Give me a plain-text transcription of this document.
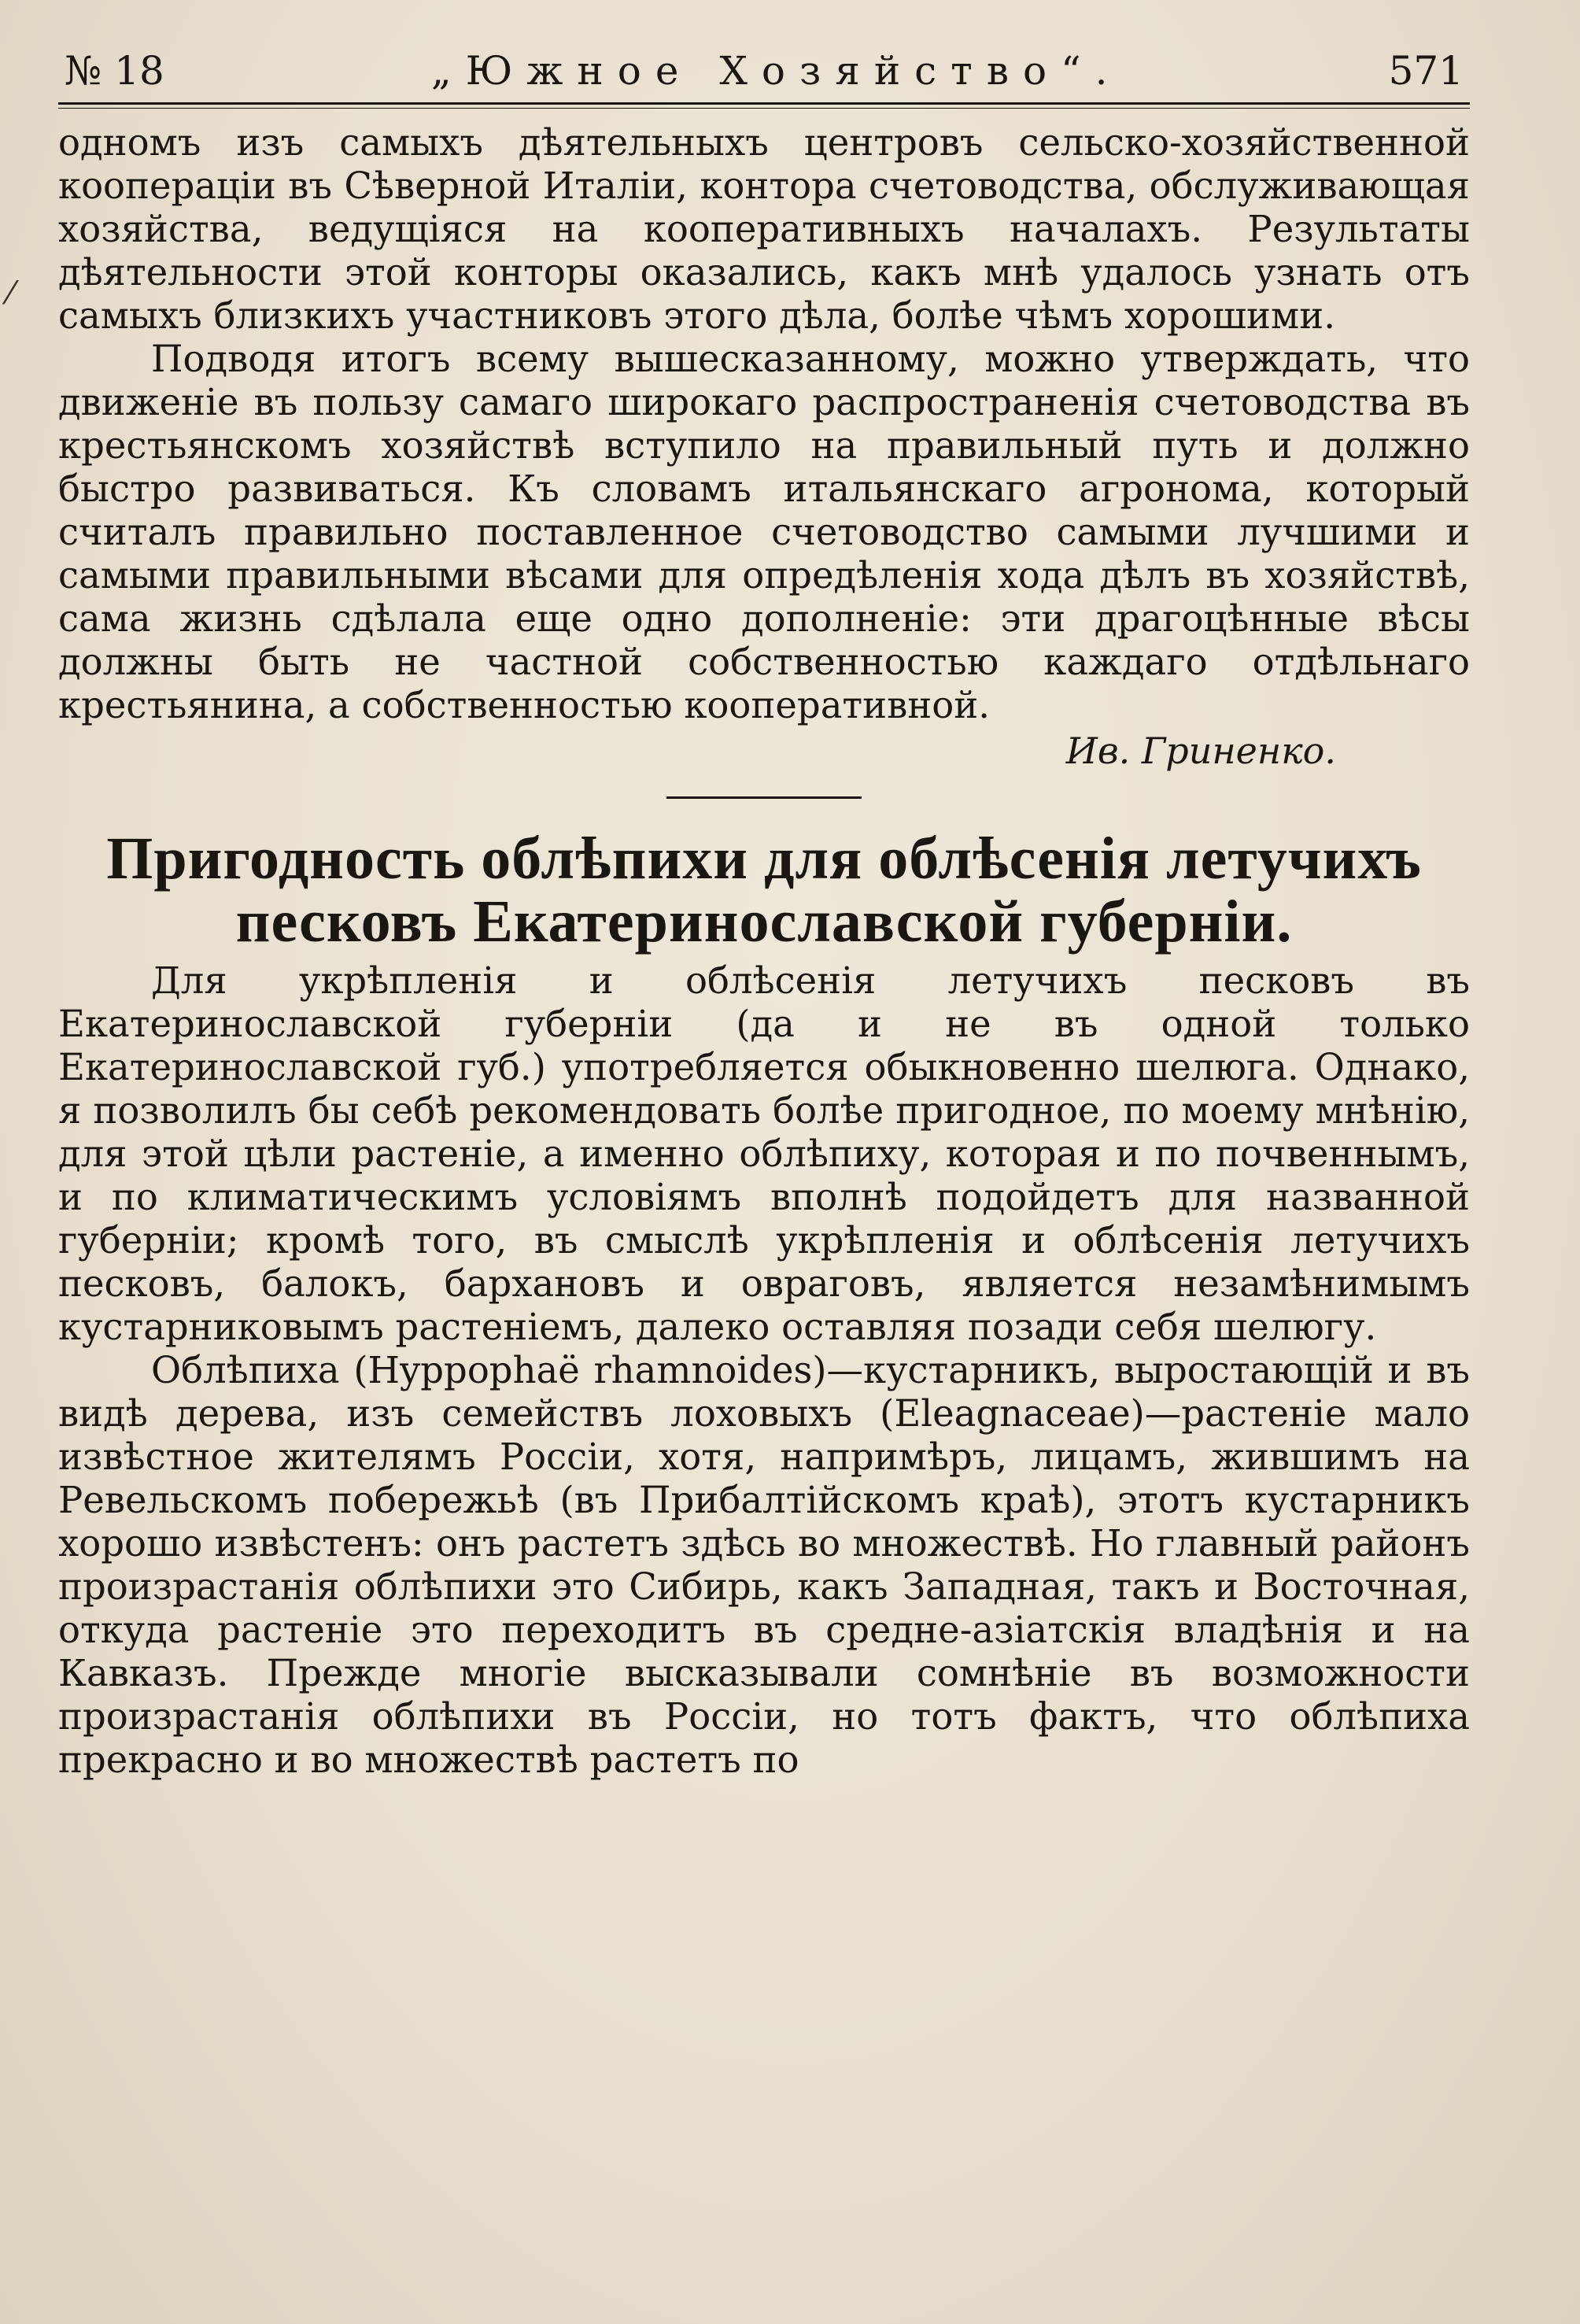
⁄
№ 18	„Южное Хозяйство“.	571

одномъ изъ самыхъ дѣятельныхъ центровъ сельско-хозяйственной кооперацiи въ Сѣверной Италiи, контора счетоводства, обслуживающая хозяйства, ведущiяся на кооперативныхъ началахъ. Результаты дѣятельности этой конторы оказались, какъ мнѣ удалось узнать отъ самыхъ близкихъ участниковъ этого дѣла, болѣе чѣмъ хорошими.

Подводя итогъ всему вышесказанному, можно утверждать, что движенiе въ пользу самаго широкаго распространенiя счетоводства въ крестьянскомъ хозяйствѣ вступило на правильный путь и должно быстро развиваться. Къ словамъ итальянскаго агронома, который считалъ правильно поставленное счетоводство самыми лучшими и самыми правильными вѣсами для опредѣленiя хода дѣлъ въ хозяйствѣ, сама жизнь сдѣлала еще одно дополненiе: эти драгоцѣнные вѣсы должны быть не частной собственностью каждаго отдѣльнаго крестьянина, а собственностью кооперативной.

Ив. Гриненко.
Пригодность облѣпихи для облѣсенiя летучихъ
песковъ Екатеринославской губернiи.

Для укрѣпленiя и облѣсенiя летучихъ песковъ въ Екатеринославской губернiи (да и не въ одной только Екатеринославской губ.) употребляется обыкновенно шелюга. Однако, я позволилъ бы себѣ рекомендовать болѣе пригодное, по моему мнѣнiю, для этой цѣли растенiе, а именно облѣпиху, которая и по почвеннымъ, и по климатическимъ условiямъ вполнѣ подойдетъ для названной губернiи; кромѣ того, въ смыслѣ укрѣпленiя и облѣсенiя летучихъ песковъ, балокъ, бархановъ и овраговъ, является незамѣнимымъ кустарниковымъ растенiемъ, далеко оставляя позади себя шелюгу.

Облѣпиха (Hypрорhaё rhamnoides)—кустарникъ, выростающiй и въ видѣ дерева, изъ семействъ лоховыхъ (Eleagnaceae)—растенiе мало извѣстное жителямъ Россiи, хотя, напримѣръ, лицамъ, жившимъ на Ревельскомъ побережьѣ (въ Прибалтiйскомъ краѣ), этотъ кустарникъ хорошо извѣстенъ: онъ растетъ здѣсь во множествѣ. Но главный районъ произрастанiя облѣпихи это Сибирь, какъ Западная, такъ и Восточная, откуда растенiе это переходитъ въ средне-азiатскiя владѣнiя и на Кавказъ. Прежде многiе высказывали сомнѣнiе въ возможности произрастанiя облѣпихи въ Россiи, но тотъ фактъ, что облѣпиха прекрасно и во множествѣ растетъ по
